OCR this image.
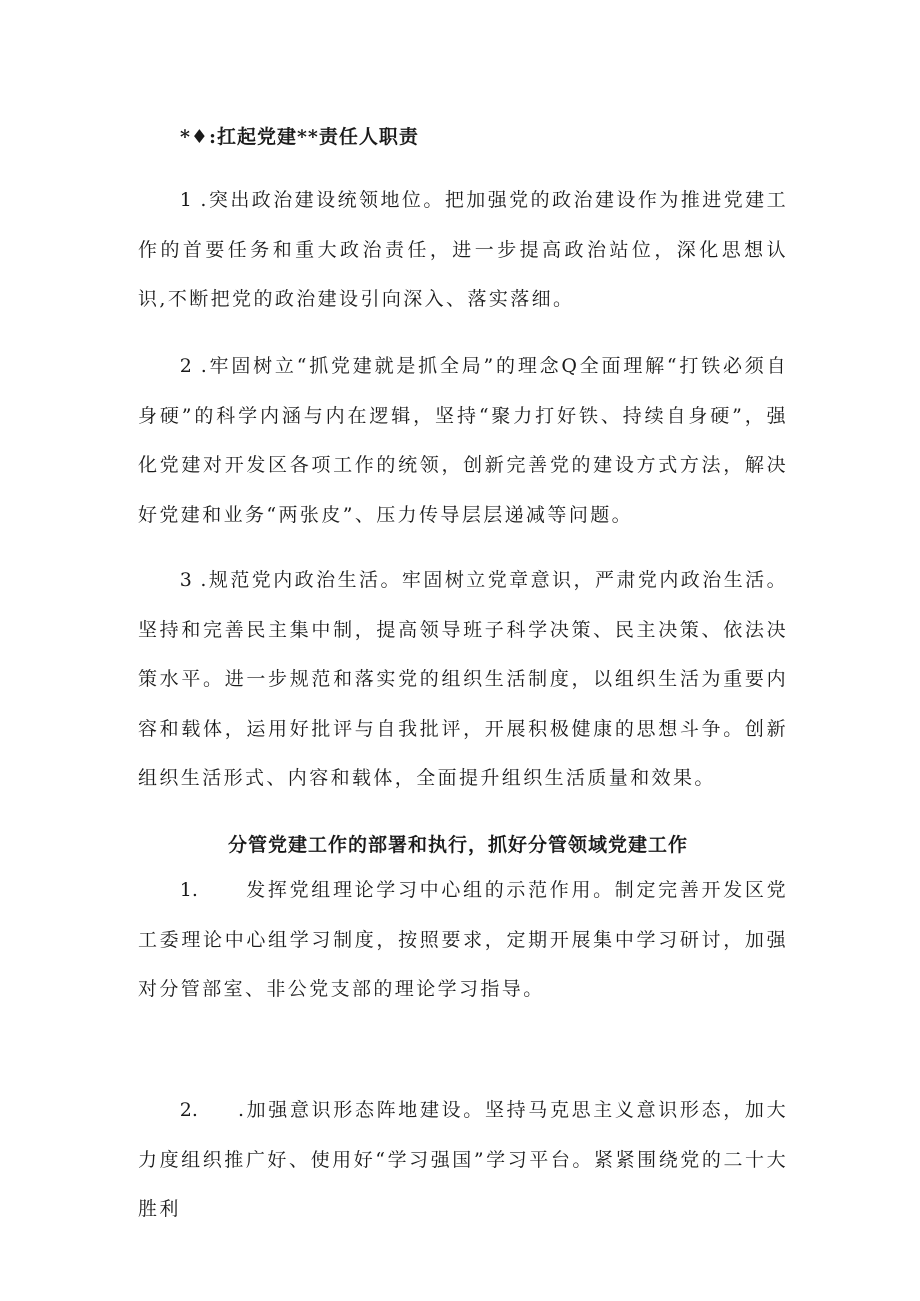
*♦:扛起党建**责任人职责

1 .突出政治建设统领地位。把加强党的政治建设作为推进党建工作的首要任务和重大政治责任，进一步提高政治站位，深化思想认识,不断把党的政治建设引向深入、落实落细。

2 .牢固树立“抓党建就是抓全局”的理念Q全面理解“打铁必须自身硬”的科学内涵与内在逻辑，坚持“聚力打好铁、持续自身硬”，强化党建对开发区各项工作的统领，创新完善党的建设方式方法，解决好党建和业务“两张皮”、压力传导层层递减等问题。

3 .规范党内政治生活。牢固树立党章意识，严肃党内政治生活。坚持和完善民主集中制，提高领导班子科学决策、民主决策、依法决策水平。进一步规范和落实党的组织生活制度，以组织生活为重要内容和载体，运用好批评与自我批评，开展积极健康的思想斗争。创新组织生活形式、内容和载体，全面提升组织生活质量和效果。

分管党建工作的部署和执行，抓好分管领域党建工作

1.	发挥党组理论学习中心组的示范作用。制定完善开发区党工委理论中心组学习制度，按照要求，定期开展集中学习研讨，加强对分管部室、非公党支部的理论学习指导。

2. .加强意识形态阵地建设。坚持马克思主义意识形态，加大力度组织推广好、使用好“学习强国”学习平台。紧紧围绕党的二十大胜利
